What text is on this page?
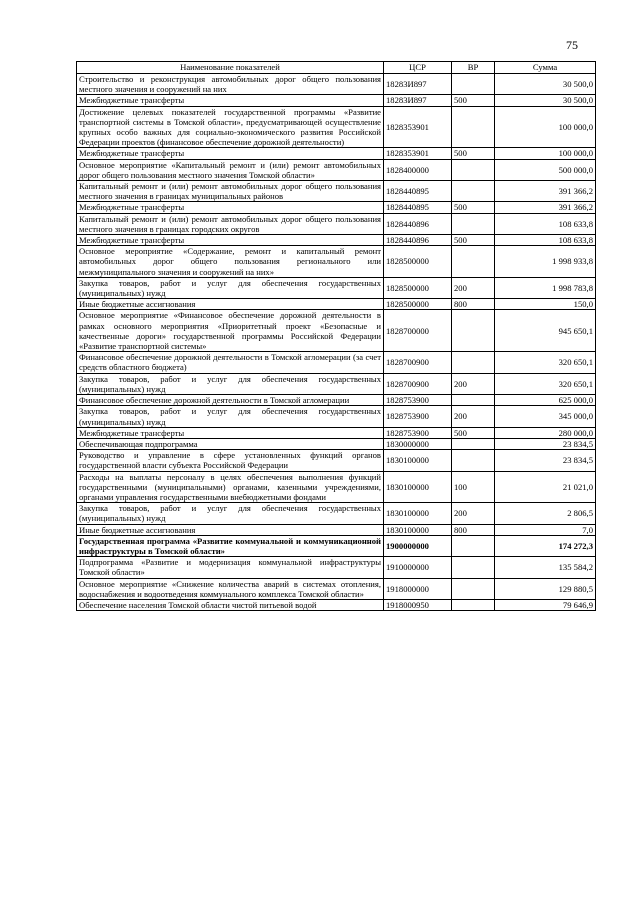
75
Наименование показателей	ЦСР	ВР	Сумма
Строительство и реконструкция автомобильных дорог общего пользования местного значения и сооружений на них	18283И897		30 500,0
Межбюджетные трансферты	18283И897	500	30 500,0
Достижение целевых показателей государственной программы «Развитие транспортной системы в Томской области», предусматривающей осуществление крупных особо важных для социально-экономического развития Российской Федерации проектов (финансовое обеспечение дорожной деятельности)	1828353901		100 000,0
Межбюджетные трансферты	1828353901	500	100 000,0
Основное мероприятие «Капитальный ремонт и (или) ремонт автомобильных дорог общего пользования местного значения Томской области»	1828400000		500 000,0
Капитальный ремонт и (или) ремонт автомобильных дорог общего пользования местного значения в границах муниципальных районов	1828440895		391 366,2
Межбюджетные трансферты	1828440895	500	391 366,2
Капитальный ремонт и (или) ремонт автомобильных дорог общего пользования местного значения в границах городских округов	1828440896		108 633,8
Межбюджетные трансферты	1828440896	500	108 633,8
Основное мероприятие «Содержание, ремонт и капитальный ремонт автомобильных дорог общего пользования регионального или межмуниципального значения и сооружений на них»	1828500000		1 998 933,8
Закупка товаров, работ и услуг для обеспечения государственных (муниципальных) нужд	1828500000	200	1 998 783,8
Иные бюджетные ассигнования	1828500000	800	150,0
Основное мероприятие «Финансовое обеспечение дорожной деятельности в рамках основного мероприятия «Приоритетный проект «Безопасные и качественные дороги» государственной программы Российской Федерации «Развитие транспортной системы»	1828700000		945 650,1
Финансовое обеспечение дорожной деятельности в Томской агломерации (за счет средств областного бюджета)	1828700900		320 650,1
Закупка товаров, работ и услуг для обеспечения государственных (муниципальных) нужд	1828700900	200	320 650,1
Финансовое обеспечение дорожной деятельности в Томской агломерации	1828753900		625 000,0
Закупка товаров, работ и услуг для обеспечения государственных (муниципальных) нужд	1828753900	200	345 000,0
Межбюджетные трансферты	1828753900	500	280 000,0
Обеспечивающая подпрограмма	1830000000		23 834,5
Руководство и управление в сфере установленных функций органов государственной власти субъекта Российской Федерации	1830100000		23 834,5
Расходы на выплаты персоналу в целях обеспечения выполнения функций государственными (муниципальными) органами, казенными учреждениями, органами управления государственными внебюджетными фондами	1830100000	100	21 021,0
Закупка товаров, работ и услуг для обеспечения государственных (муниципальных) нужд	1830100000	200	2 806,5
Иные бюджетные ассигнования	1830100000	800	7,0
Государственная программа «Развитие коммунальной и коммуникационной инфраструктуры в Томской области»	1900000000		174 272,3
Подпрограмма «Развитие и модернизация коммунальной инфраструктуры Томской области»	1910000000		135 584,2
Основное мероприятие «Снижение количества аварий в системах отопления, водоснабжения и водоотведения коммунального комплекса Томской области»	1918000000		129 880,5
Обеспечение населения Томской области чистой питьевой водой	1918000950		79 646,9
